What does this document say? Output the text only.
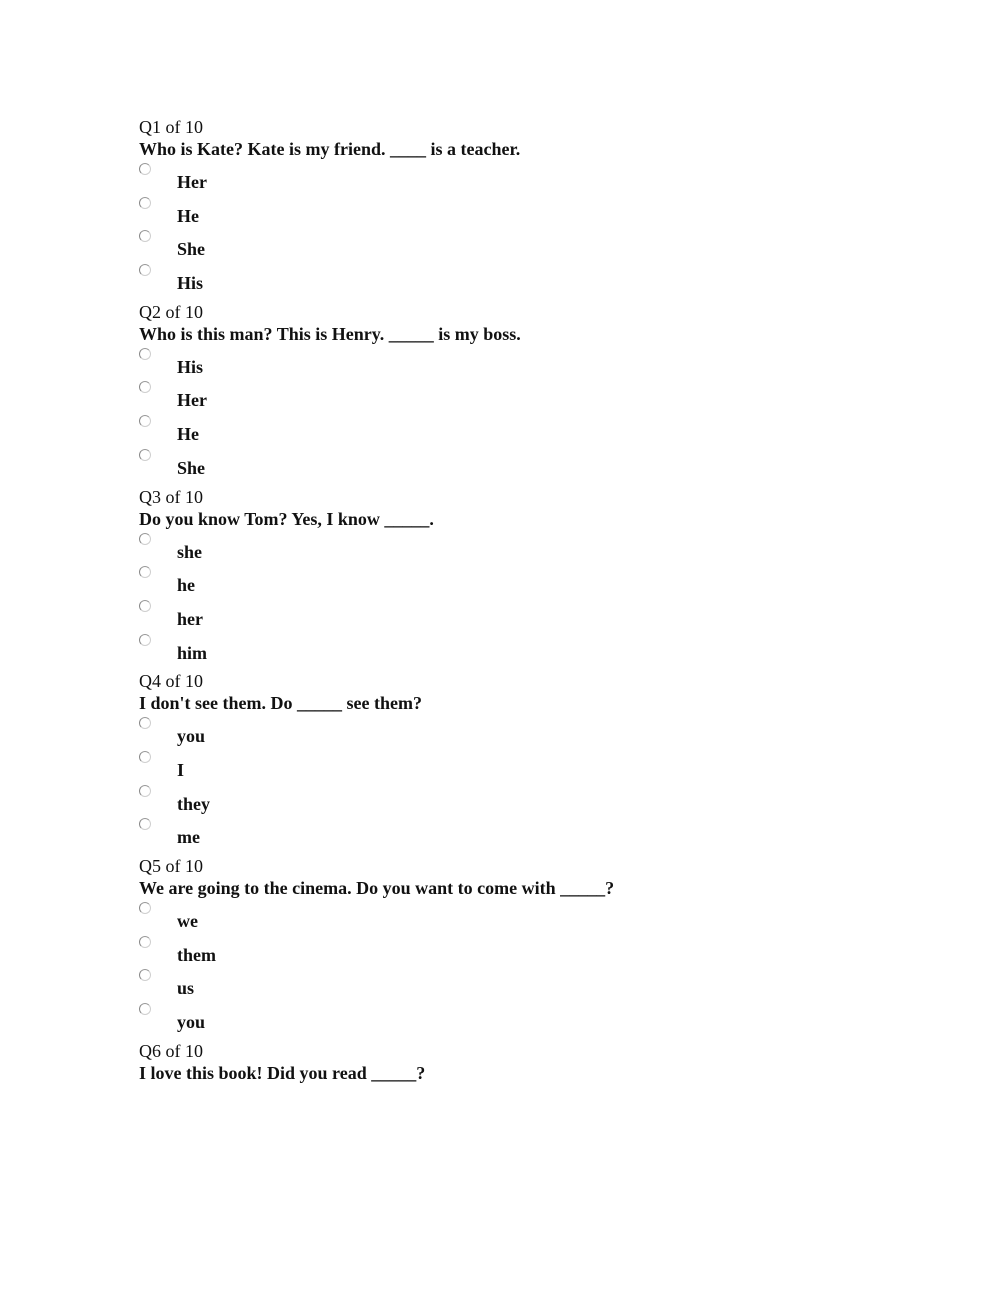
Q1 of 10
Who is Kate? Kate is my friend. ____ is a teacher.
Her
He
She
His
Q2 of 10
Who is this man? This is Henry. _____ is my boss.
His
Her
He
She
Q3 of 10
Do you know Tom? Yes, I know _____.
she
he
her
him
Q4 of 10
I don't see them. Do _____ see them?
you
I
they
me
Q5 of 10
We are going to the cinema. Do you want to come with _____?
we
them
us
you
Q6 of 10
I love this book! Did you read _____?
